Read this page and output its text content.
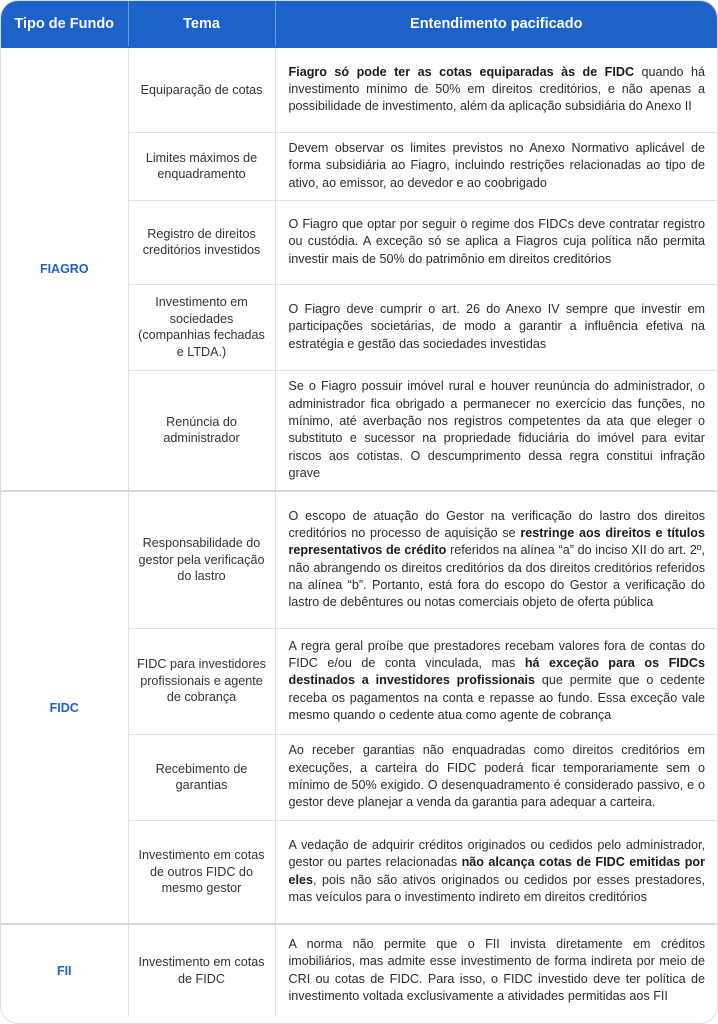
Tipo de Fundo	Tema	Entendimento pacificado
FIAGRO	Equiparação de cotas	Fiagro só pode ter as cotas equiparadas às de FIDC quando há investimento mínimo de 50% em direitos creditórios, e não apenas a possibilidade de investimento, além da aplicação subsidiária do Anexo II
	Limites máximos de enquadramento	Devem observar os limites previstos no Anexo Normativo aplicável de forma subsidiária ao Fiagro, incluindo restrições relacionadas ao tipo de ativo, ao emissor, ao devedor e ao coobrigado
	Registro de direitos creditórios investidos	O Fiagro que optar por seguir o regime dos FIDCs deve contratar registro ou custódia. A exceção só se aplica a Fiagros cuja política não permita investir mais de 50% do patrimônio em direitos creditórios
	Investimento em sociedades (companhias fechadas e LTDA.)	O Fiagro deve cumprir o art. 26 do Anexo IV sempre que investir em participações societárias, de modo a garantir a influência efetiva na estratégia e gestão das sociedades investidas
	Renúncia do administrador	Se o Fiagro possuir imóvel rural e houver reunúncia do administrador, o administrador fica obrigado a permanecer no exercício das funções, no mínimo, até averbação nos registros competentes da ata que eleger o substituto e sucessor na propriedade fiduciária do imóvel para evitar riscos aos cotistas. O descumprimento dessa regra constitui infração grave
FIDC	Responsabilidade do gestor pela verificação do lastro	O escopo de atuação do Gestor na verificação do lastro dos direitos creditórios no processo de aquisição se restringe aos direitos e títulos representativos de crédito referidos na alínea “a” do inciso XII do art. 2º, não abrangendo os direitos creditórios da dos direitos creditórios referidos na alínea “b”. Portanto, está fora do escopo do Gestor a verificação do lastro de debêntures ou notas comerciais objeto de oferta pública
	FIDC para investidores profissionais e agente de cobrança	A regra geral proíbe que prestadores recebam valores fora de contas do FIDC e/ou de conta vinculada, mas há exceção para os FIDCs destinados a investidores profissionais que permite que o cedente receba os pagamentos na conta e repasse ao fundo. Essa exceção vale mesmo quando o cedente atua como agente de cobrança
	Recebimento de garantias	Ao receber garantias não enquadradas como direitos creditórios em execuções, a carteira do FIDC poderá ficar temporariamente sem o mínimo de 50% exigido. O desenquadramento é considerado passivo, e o gestor deve planejar a venda da garantia para adequar a carteira.
	Investimento em cotas de outros FIDC do mesmo gestor	A vedação de adquirir créditos originados ou cedidos pelo administrador, gestor ou partes relacionadas não alcança cotas de FIDC emitidas por eles, pois não são ativos originados ou cedidos por esses prestadores, mas veículos para o investimento indireto em direitos creditórios
FII	Investimento em cotas de FIDC	A norma não permite que o FII invista diretamente em créditos imobiliários, mas admite esse investimento de forma indireta por meio de CRI ou cotas de FIDC. Para isso, o FIDC investido deve ter política de investimento voltada exclusivamente a atividades permitidas aos FII
